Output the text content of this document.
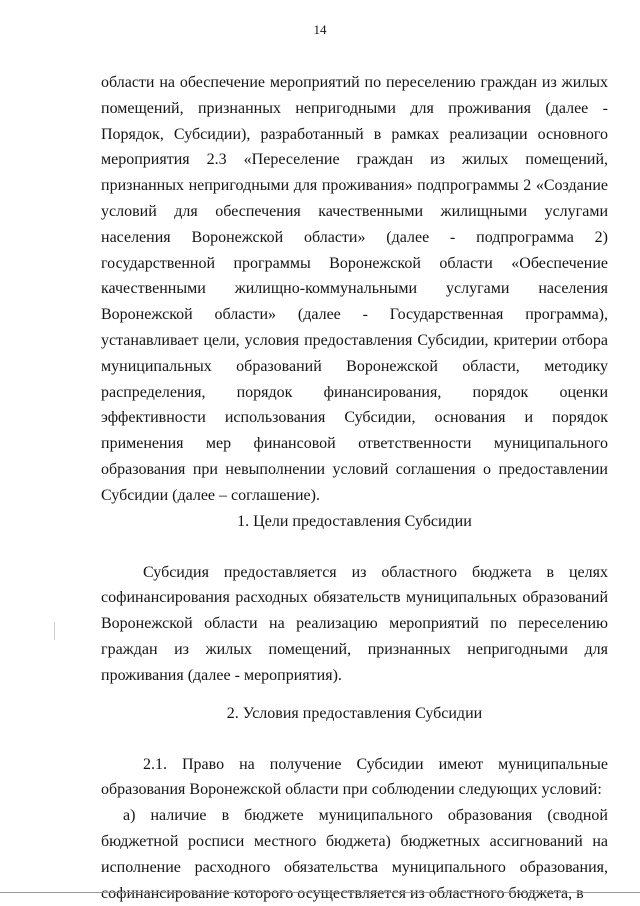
14
области на обеспечение мероприятий по переселению граждан из жилых помещений, признанных непригодными для проживания (далее - Порядок, Субсидии), разработанный в рамках реализации основного мероприятия 2.3 «Переселение граждан из жилых помещений, признанных непригодными для проживания» подпрограммы 2 «Создание условий для обеспечения качественными жилищными услугами населения Воронежской области» (далее - подпрограмма 2) государственной программы Воронежской области «Обеспечение качественными жилищно-коммунальными услугами населения Воронежской области» (далее - Государственная программа), устанавливает цели, условия предоставления Субсидии, критерии отбора муниципальных образований Воронежской области, методику распределения, порядок финансирования, порядок оценки эффективности использования Субсидии, основания и порядок применения мер финансовой ответственности муниципального образования при невыполнении условий соглашения о предоставлении Субсидии (далее – соглашение).
1. Цели предоставления Субсидии
Субсидия предоставляется из областного бюджета в целях софинансирования расходных обязательств муниципальных образований Воронежской области на реализацию мероприятий по переселению граждан из жилых помещений, признанных непригодными для проживания (далее - мероприятия).
2. Условия предоставления Субсидии
2.1. Право на получение Субсидии имеют муниципальные образования Воронежской области при соблюдении следующих условий:
а) наличие в бюджете муниципального образования (сводной бюджетной росписи местного бюджета) бюджетных ассигнований на исполнение расходного обязательства муниципального образования, софинансирование которого осуществляется из областного бюджета, в
